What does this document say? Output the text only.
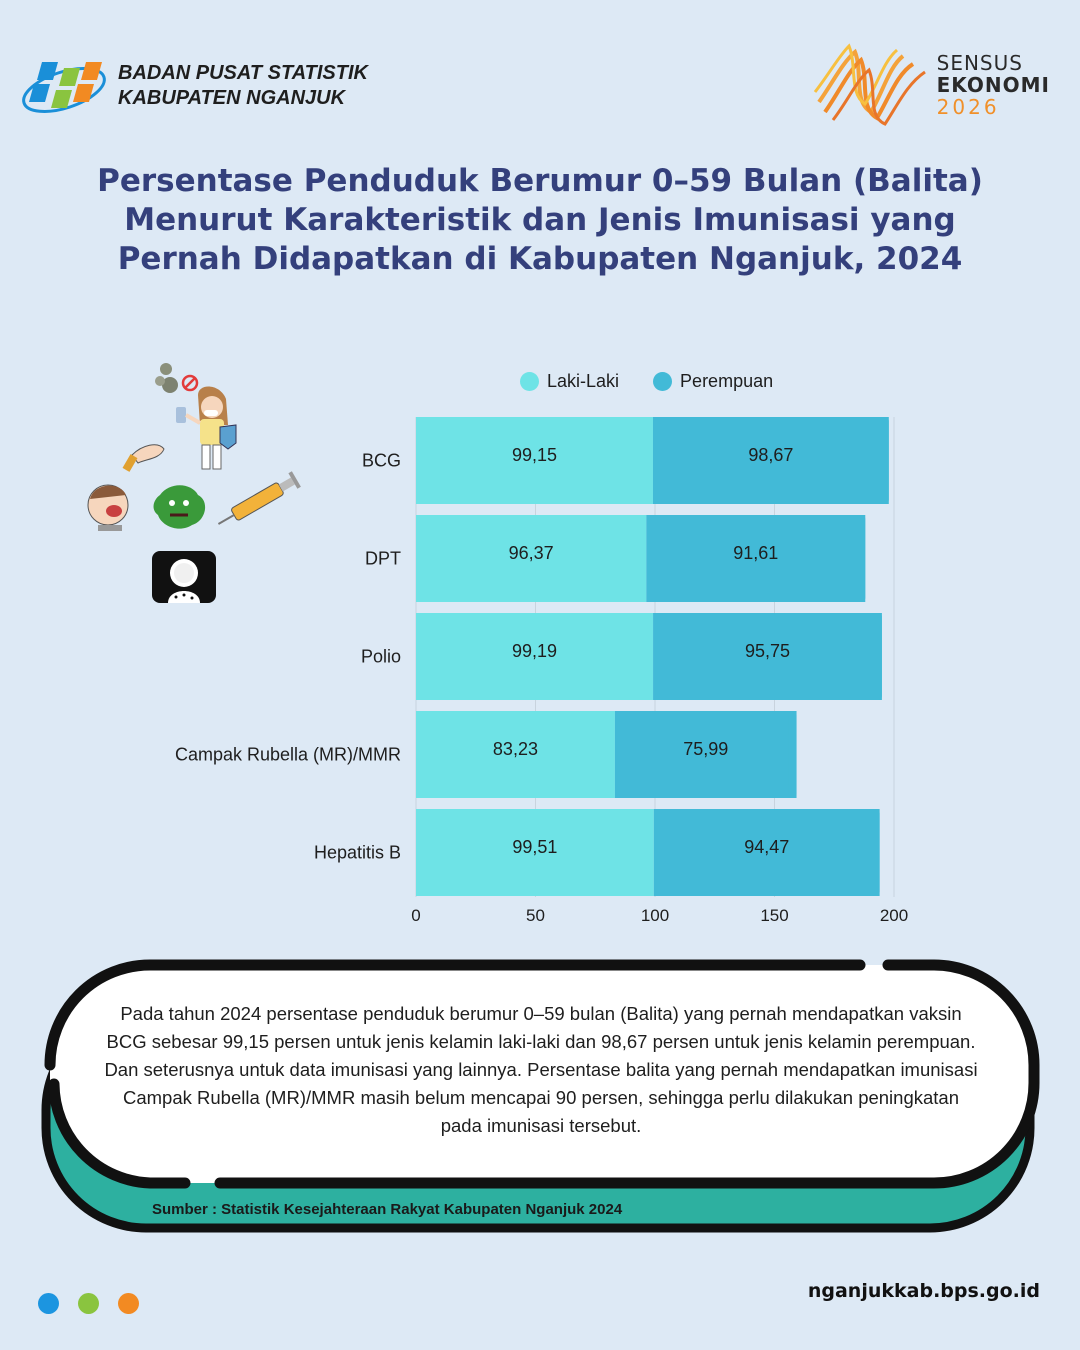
BADAN PUSAT STATISTIK
KABUPATEN NGANJUK
SENSUS
EKONOMI
2026
Persentase Penduduk Berumur 0–59 Bulan (Balita)
Menurut Karakteristik dan Jenis Imunisasi yang
Pernah Didapatkan di Kabupaten Nganjuk, 2024
Laki-Laki	Perempuan
0	50	100	150	200
BCG	99,15	98,67
DPT	96,37	91,61
Polio	99,19	95,75
Campak Rubella (MR)/MMR	83,23	75,99
Hepatitis B	99,51	94,47
Pada tahun 2024 persentase penduduk berumur 0–59 bulan (Balita) yang pernah mendapatkan vaksin BCG sebesar 99,15 persen untuk jenis kelamin laki-laki dan 98,67 persen untuk jenis kelamin perempuan. Dan seterusnya untuk data imunisasi yang lainnya. Persentase balita yang pernah mendapatkan imunisasi Campak Rubella (MR)/MMR masih belum mencapai 90 persen, sehingga perlu dilakukan peningkatan pada imunisasi tersebut.
Sumber : Statistik Kesejahteraan Rakyat Kabupaten Nganjuk 2024
nganjukkab.bps.go.id
